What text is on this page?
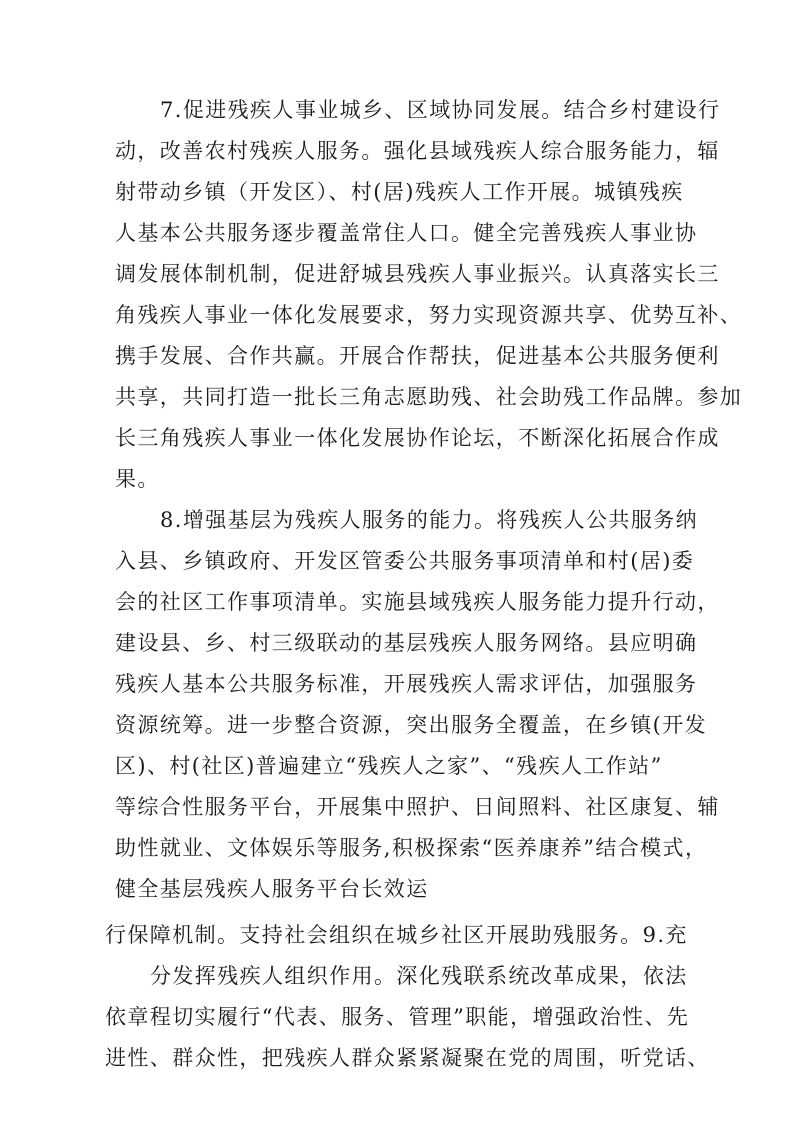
7.促进残疾人事业城乡、区域协同发展。结合乡村建设行
动，改善农村残疾人服务。强化县域残疾人综合服务能力，辐
射带动乡镇（开发区）、村(居)残疾人工作开展。城镇残疾
人基本公共服务逐步覆盖常住人口。健全完善残疾人事业协
调发展体制机制，促进舒城县残疾人事业振兴。认真落实长三
角残疾人事业一体化发展要求，努力实现资源共享、优势互补、
携手发展、合作共赢。开展合作帮扶，促进基本公共服务便利
共享，共同打造一批长三角志愿助残、社会助残工作品牌。参加
长三角残疾人事业一体化发展协作论坛，不断深化拓展合作成
果。
8.增强基层为残疾人服务的能力。将残疾人公共服务纳
入县、乡镇政府、开发区管委公共服务事项清单和村(居)委
会的社区工作事项清单。实施县域残疾人服务能力提升行动，
建设县、乡、村三级联动的基层残疾人服务网络。县应明确
残疾人基本公共服务标准，开展残疾人需求评估，加强服务
资源统筹。进一步整合资源，突出服务全覆盖，在乡镇(开发
区)、村(社区)普遍建立“残疾人之家”、“残疾人工作站”
等综合性服务平台，开展集中照护、日间照料、社区康复、辅
助性就业、文体娱乐等服务,积极探索“医养康养”结合模式，
健全基层残疾人服务平台长效运
行保障机制。支持社会组织在城乡社区开展助残服务。9.充
分发挥残疾人组织作用。深化残联系统改革成果，依法
依章程切实履行“代表、服务、管理”职能，增强政治性、先
进性、群众性，把残疾人群众紧紧凝聚在党的周围，听党话、
